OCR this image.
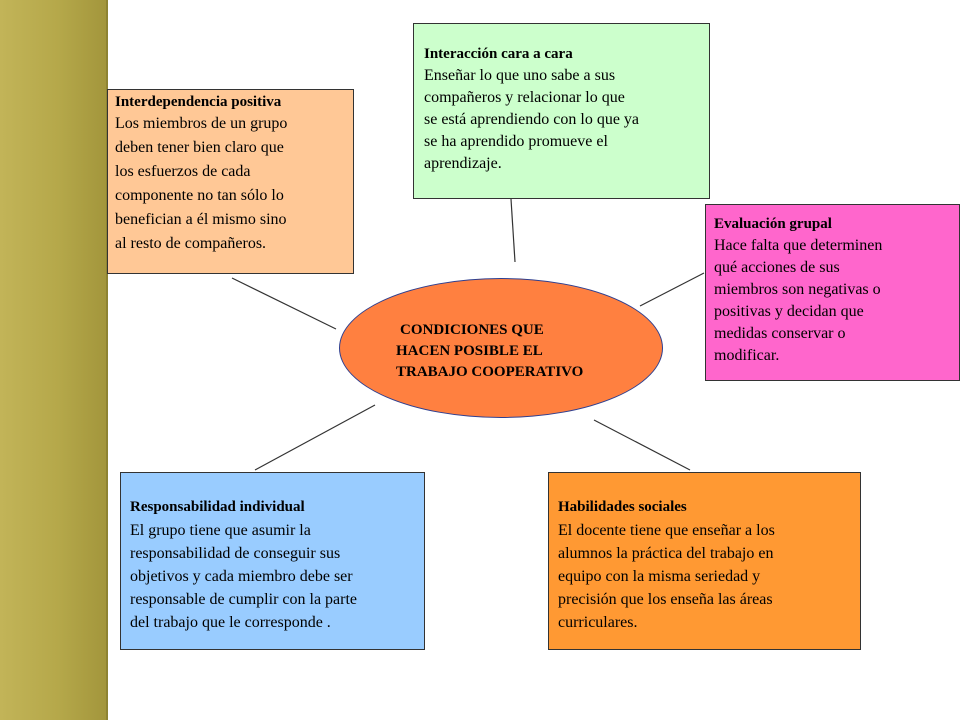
CONDICIONES QUE
HACEN POSIBLE EL
TRABAJO COOPERATIVO
Interdependencia positiva
Los miembros de un grupo
deben tener bien claro que
los esfuerzos de cada
componente no tan sólo lo
benefician a él mismo sino
al resto de compañeros.
Interacción cara a cara
Enseñar lo que uno sabe a sus
compañeros y relacionar lo que
se está aprendiendo con lo que ya
se ha aprendido promueve el
aprendizaje.
Evaluación grupal
Hace falta que determinen
qué acciones de sus
miembros son negativas o
positivas y decidan que
medidas conservar o
modificar.
Responsabilidad individual
El grupo tiene que asumir la
responsabilidad de conseguir sus
objetivos y cada miembro debe ser
responsable de cumplir con la parte
del trabajo que le corresponde .
Habilidades sociales
El docente tiene que enseñar a los
alumnos la práctica del trabajo en
equipo con la misma seriedad y
precisión que los enseña las áreas
curriculares.
